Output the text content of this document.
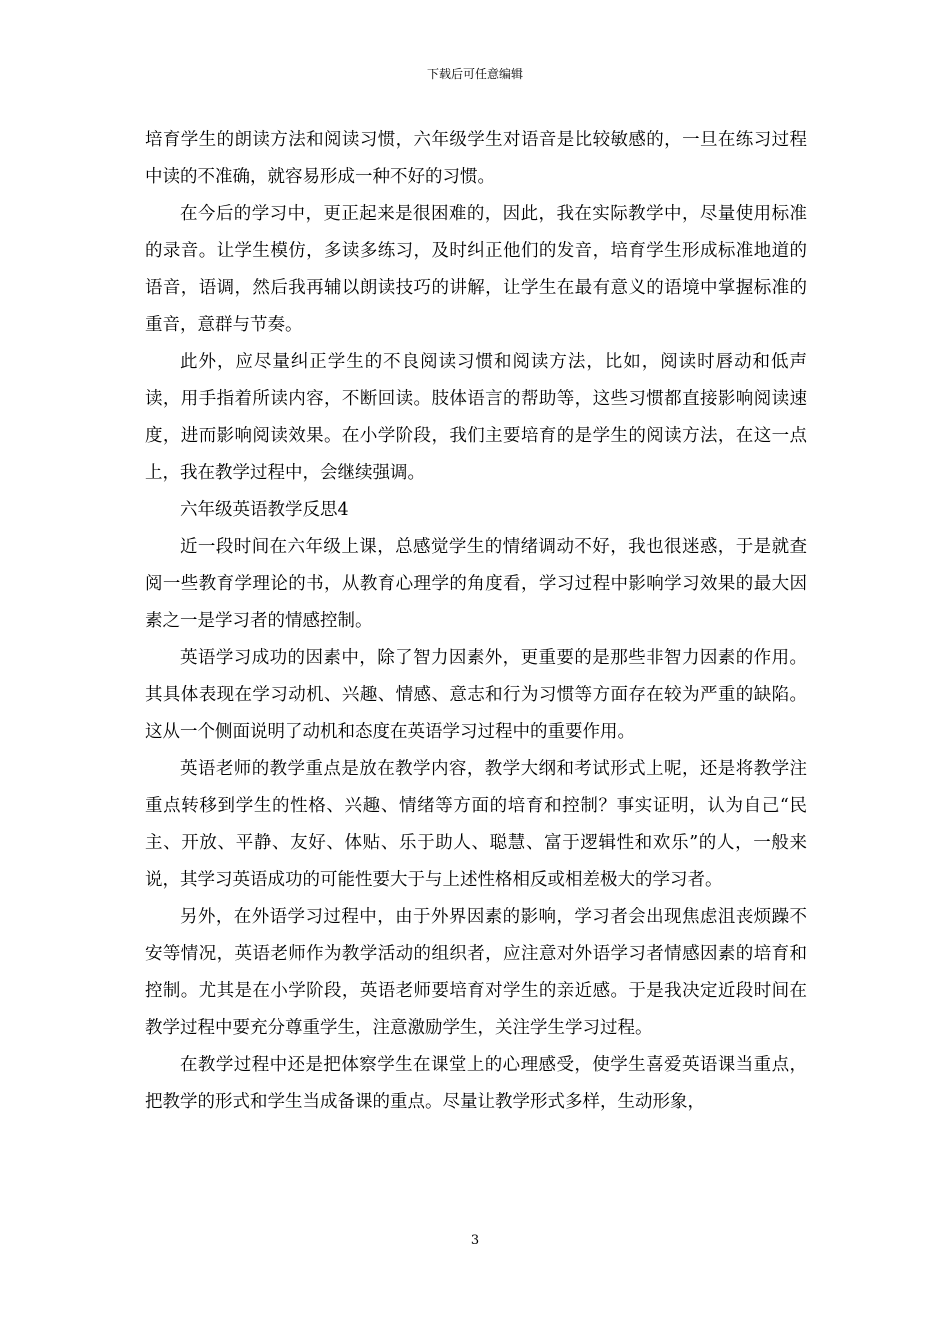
下载后可任意编辑

培育学生的朗读方法和阅读习惯，六年级学生对语音是比较敏感的，一旦在练习过程中读的不准确，就容易形成一种不好的习惯。

在今后的学习中，更正起来是很困难的，因此，我在实际教学中，尽量使用标准的录音。让学生模仿，多读多练习，及时纠正他们的发音，培育学生形成标准地道的语音，语调，然后我再辅以朗读技巧的讲解，让学生在最有意义的语境中掌握标准的重音，意群与节奏。

此外，应尽量纠正学生的不良阅读习惯和阅读方法，比如，阅读时唇动和低声读，用手指着所读内容，不断回读。肢体语言的帮助等，这些习惯都直接影响阅读速度，进而影响阅读效果。在小学阶段，我们主要培育的是学生的阅读方法，在这一点上，我在教学过程中，会继续强调。

六年级英语教学反思4

近一段时间在六年级上课，总感觉学生的情绪调动不好，我也很迷惑，于是就查阅一些教育学理论的书，从教育心理学的角度看，学习过程中影响学习效果的最大因素之一是学习者的情感控制。

英语学习成功的因素中，除了智力因素外，更重要的是那些非智力因素的作用。其具体表现在学习动机、兴趣、情感、意志和行为习惯等方面存在较为严重的缺陷。这从一个侧面说明了动机和态度在英语学习过程中的重要作用。

英语老师的教学重点是放在教学内容，教学大纲和考试形式上呢，还是将教学注重点转移到学生的性格、兴趣、情绪等方面的培育和控制？事实证明，认为自己“民主、开放、平静、友好、体贴、乐于助人、聪慧、富于逻辑性和欢乐”的人，一般来说，其学习英语成功的可能性要大于与上述性格相反或相差极大的学习者。

另外，在外语学习过程中，由于外界因素的影响，学习者会出现焦虑沮丧烦躁不安等情况，英语老师作为教学活动的组织者，应注意对外语学习者情感因素的培育和控制。尤其是在小学阶段，英语老师要培育对学生的亲近感。于是我决定近段时间在教学过程中要充分尊重学生，注意激励学生，关注学生学习过程。

在教学过程中还是把体察学生在课堂上的心理感受，使学生喜爱英语课当重点，把教学的形式和学生当成备课的重点。尽量让教学形式多样，生动形象，

3
